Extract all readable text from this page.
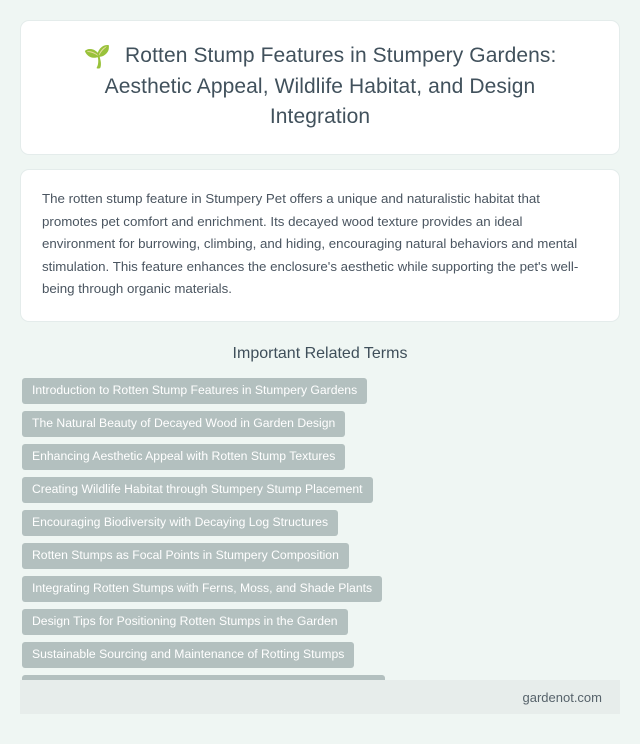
🌱 Rotten Stump Features in Stumpery Gardens:
Aesthetic Appeal, Wildlife Habitat, and Design
Integration

The rotten stump feature in Stumpery Pet offers a unique and naturalistic habitat that promotes pet comfort and enrichment. Its decayed wood texture provides an ideal environment for burrowing, climbing, and hiding, encouraging natural behaviors and mental stimulation. This feature enhances the enclosure's aesthetic while supporting the pet's well-being through organic materials.

Important Related Terms
Introduction to Rotten Stump Features in Stumpery Gardens
The Natural Beauty of Decayed Wood in Garden Design
Enhancing Aesthetic Appeal with Rotten Stump Textures
Creating Wildlife Habitat through Stumpery Stump Placement
Encouraging Biodiversity with Decaying Log Structures
Rotten Stumps as Focal Points in Stumpery Composition
Integrating Rotten Stumps with Ferns, Moss, and Shade Plants
Design Tips for Positioning Rotten Stumps in the Garden
Sustainable Sourcing and Maintenance of Rotting Stumps
gardenot.com
